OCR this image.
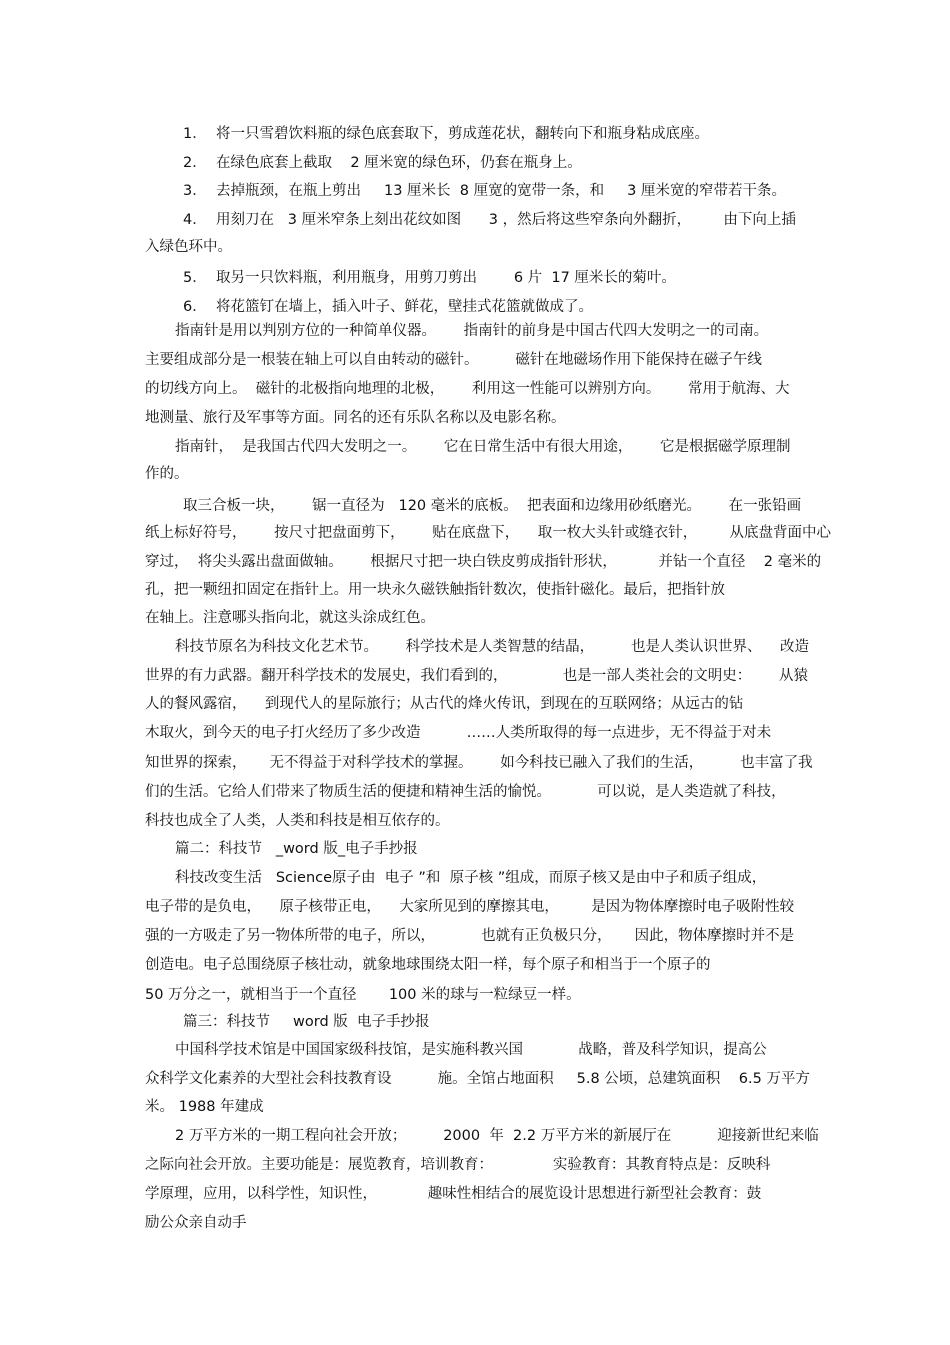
1．  将一只雪碧饮料瓶的绿色底套取下，剪成莲花状，翻转向下和瓶身粘成底座。
2．  在绿色底套上截取    2 厘米宽的绿色环，仍套在瓶身上。
3．  去掉瓶颈，在瓶上剪出     13 厘米长  8 厘宽的宽带一条，和     3 厘米宽的窄带若干条。
4．  用刻刀在   3 厘米窄条上刻出花纹如图      3 ，然后将这些窄条向外翻折，       由下向上插
入绿色环中。
5．  取另一只饮料瓶，利用瓶身，用剪刀剪出        6 片  17 厘米长的菊叶。
6．  将花篮钉在墙上，插入叶子、鲜花，壁挂式花篮就做成了。
指南针是用以判别方位的一种简单仪器。      指南针的前身是中国古代四大发明之一的司南。
主要组成部分是一根装在轴上可以自由转动的磁针。        磁针在地磁场作用下能保持在磁子午线
的切线方向上。  磁针的北极指向地理的北极，      利用这一性能可以辨别方向。      常用于航海、大
地测量、旅行及军事等方面。同名的还有乐队名称以及电影名称。
指南针，  是我国古代四大发明之一。      它在日常生活中有很大用途，      它是根据磁学原理制
作的。
取三合板一块，      锯一直径为   120 毫米的底板。  把表面和边缘用砂纸磨光。      在一张铅画
纸上标好符号，      按尺寸把盘面剪下，      贴在底盘下，    取一枚大头针或缝衣针，       从底盘背面中心
穿过，  将尖头露出盘面做轴。      根据尺寸把一块白铁皮剪成指针形状，         并钻一个直径    2 毫米的
孔，把一颗纽扣固定在指针上。用一块永久磁铁触指针数次，使指针磁化。最后，把指针放
在轴上。注意哪头指向北，就这头涂成红色。
科技节原名为科技文化艺术节。      科学技术是人类智慧的结晶，        也是人类认识世界、    改造
世界的有力武器。翻开科学技术的发展史，我们看到的，            也是一部人类社会的文明史：      从猿
人的餐风露宿，    到现代人的星际旅行；从古代的烽火传讯，到现在的互联网络；从远古的钻
木取火，到今天的电子打火经历了多少改造          ……人类所取得的每一点进步，无不得益于对未
知世界的探索，     无不得益于对科学技术的掌握。      如今科技已融入了我们的生活，        也丰富了我
们的生活。它给人们带来了物质生活的便捷和精神生活的愉悦。          可以说，是人类造就了科技，
科技也成全了人类，人类和科技是相互依存的。
篇二：科技节   _word 版_电子手抄报
科技改变生活   Science原子由  电子 ”和  原子核 ”组成，而原子核又是由中子和质子组成，
电子带的是负电，    原子核带正电，    大家所见到的摩擦其电，       是因为物体摩擦时电子吸附性较
强的一方吸走了另一物体所带的电子，所以，          也就有正负极只分，     因此，物体摩擦时并不是
创造电。电子总围绕原子核壮动，就象地球围绕太阳一样，每个原子和相当于一个原子的
50 万分之一，就相当于一个直径       100 米的球与一粒绿豆一样。
篇三：科技节     word 版  电子手抄报
中国科学技术馆是中国国家级科技馆，是实施科教兴国            战略，普及科学知识，提高公
众科学文化素养的大型社会科技教育设          施。全馆占地面积     5.8 公顷，总建筑面积    6.5 万平方
米。 1988 年建成
2 万平方米的一期工程向社会开放；        2000  年  2.2 万平方米的新展厅在          迎接新世纪来临
之际向社会开放。主要功能是：展览教育，培训教育：             实验教育：其教育特点是：反映科
学原理，应用，以科学性，知识性，           趣味性相结合的展览设计思想进行新型社会教育：鼓
励公众亲自动手
